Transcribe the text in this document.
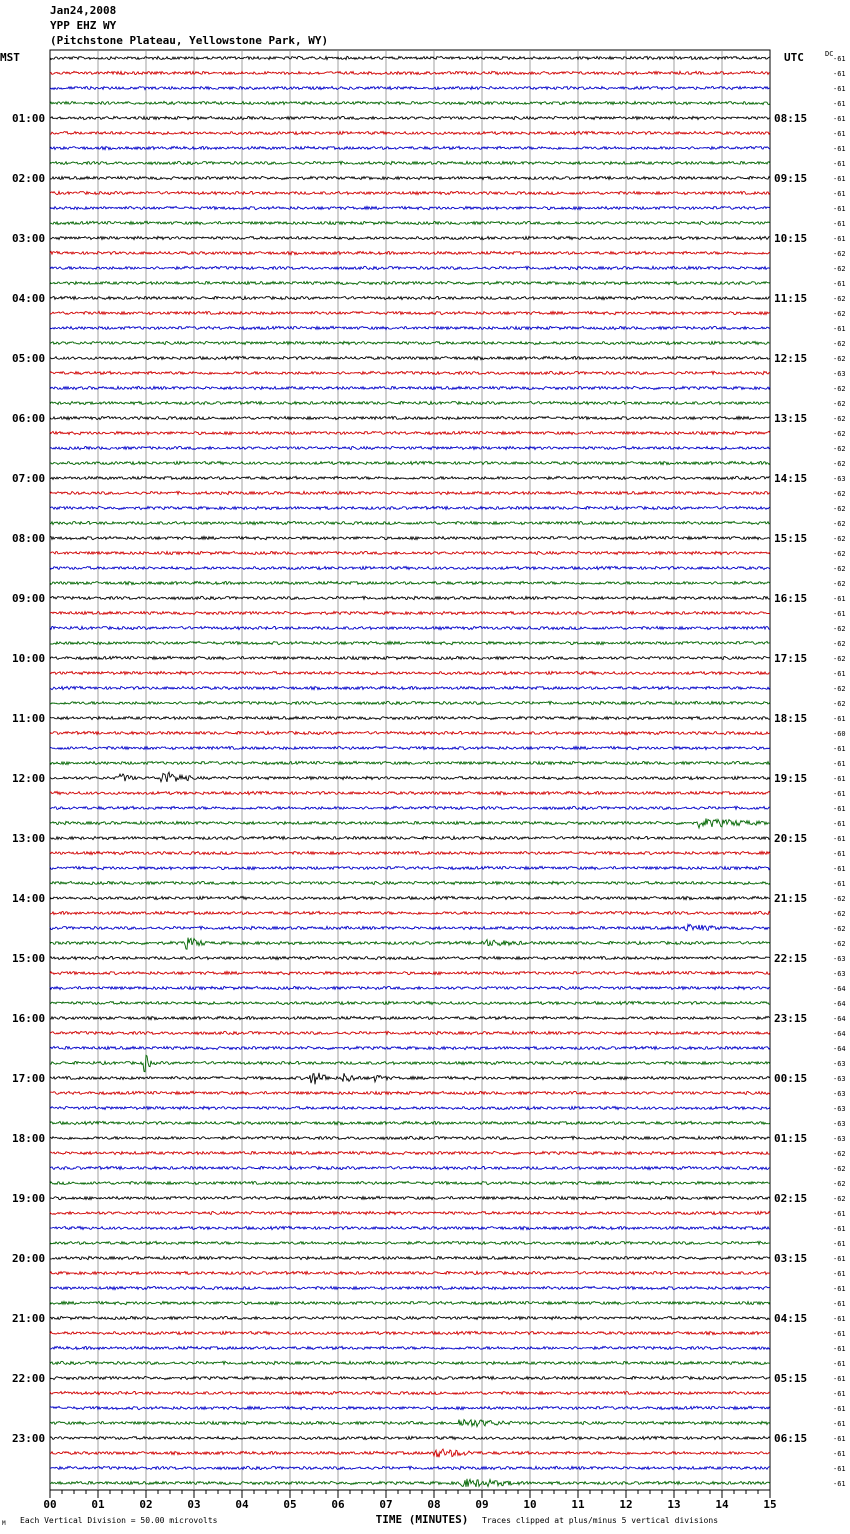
Jan24,2008
YPP EHZ WY
(Pitchstone Plateau, Yellowstone Park, WY)
-61
-61
-61
-61
-61
-61
-61
-61
-61
-61
-61
-61
-61
-62
-62
-61
-62
-62
-61
-62
-62
-63
-62
-62
-62
-62
-62
-62
-63
-62
-62
-62
-62
-62
-62
-62
-61
-61
-62
-62
-62
-61
-62
-62
-61
-60
-61
-61
-61
-61
-61
-61
-61
-61
-61
-61
-62
-62
-62
-62
-63
-63
-64
-64
-64
-64
-64
-63
-63
-63
-63
-63
-63
-62
-62
-62
-62
-61
-61
-61
-61
-61
-61
-61
-61
-61
-61
-61
-61
-61
-61
-61
-61
-61
-61
-61
DC
MST	UTC
01:00	08:15
02:00	09:15
03:00	10:15
04:00	11:15
05:00	12:15
06:00	13:15
07:00	14:15
08:00	15:15
09:00	16:15
10:00	17:15
11:00	18:15
12:00	19:15
13:00	20:15
14:00	21:15
15:00	22:15
16:00	23:15
17:00	00:15
18:00	01:15
19:00	02:15
20:00	03:15
21:00	04:15
22:00	05:15
23:00	06:15
00	01	02	03	04	05	06	07	08	09	10	11	12	13	14	15
TIME (MINUTES)
Each Vertical Division = 50.00 microvolts	Traces clipped at plus/minus 5 vertical divisions
M
